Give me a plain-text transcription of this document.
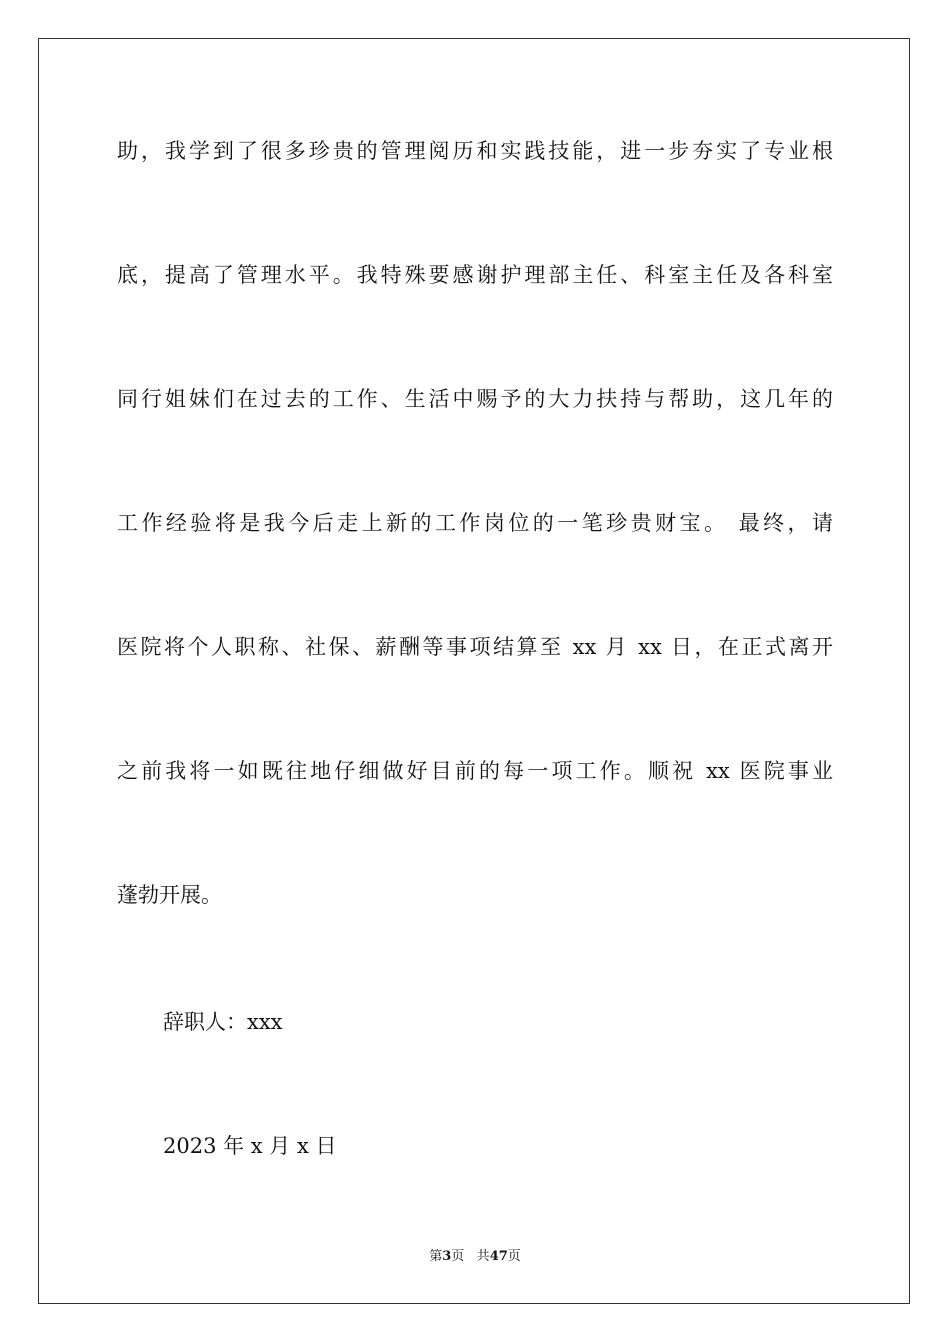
助，我学到了很多珍贵的管理阅历和实践技能，进一步夯实了专业根
底，提高了管理水平。我特殊要感谢护理部主任、科室主任及各科室
同行姐妹们在过去的工作、生活中赐予的大力扶持与帮助，这几年的
工作经验将是我今后走上新的工作岗位的一笔珍贵财宝。 最终，请
医院将个人职称、社保、薪酬等事项结算至 xx 月 xx 日，在正式离开
之前我将一如既往地仔细做好目前的每一项工作。顺祝 xx 医院事业
蓬勃开展。
辞职人：xxx
2023 年 x 月 x 日
第3页 共47页
